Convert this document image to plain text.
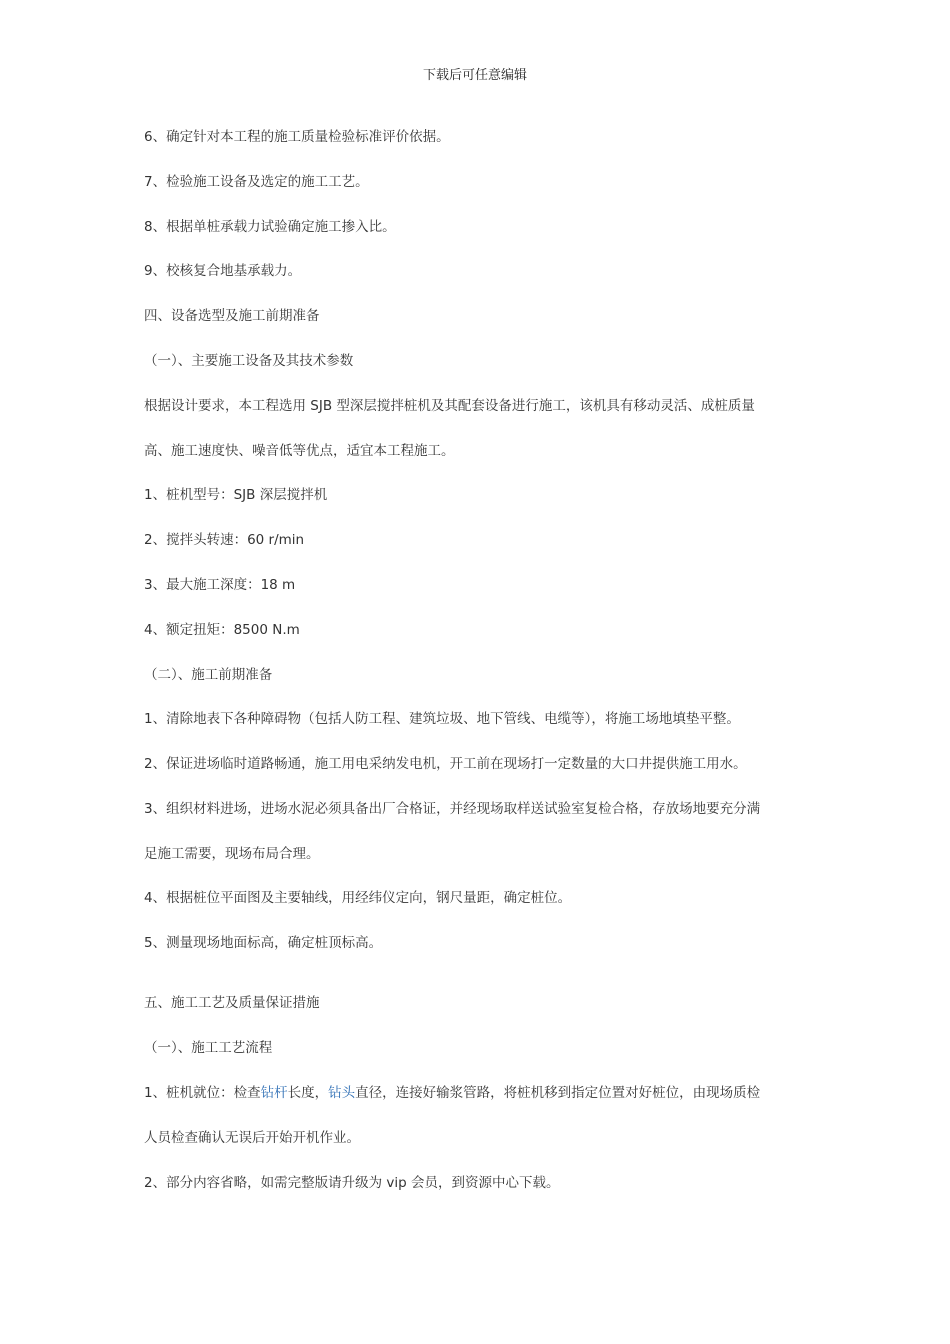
下载后可任意编辑
6、确定针对本工程的施工质量检验标准评价依据。
7、检验施工设备及选定的施工工艺。
8、根据单桩承载力试验确定施工掺入比。
9、校核复合地基承载力。
四、设备选型及施工前期准备
（一）、主要施工设备及其技术参数
根据设计要求，本工程选用 SJB 型深层搅拌桩机及其配套设备进行施工，该机具有移动灵活、成桩质量
高、施工速度快、噪音低等优点，适宜本工程施工。
1、桩机型号：SJB 深层搅拌机
2、搅拌头转速：60 r/min
3、最大施工深度：18 m
4、额定扭矩：8500 N.m
（二）、施工前期准备
1、清除地表下各种障碍物（包括人防工程、建筑垃圾、地下管线、电缆等），将施工场地填垫平整。
2、保证进场临时道路畅通，施工用电采纳发电机，开工前在现场打一定数量的大口井提供施工用水。
3、组织材料进场，进场水泥必须具备出厂合格证，并经现场取样送试验室复检合格，存放场地要充分满
足施工需要，现场布局合理。
4、根据桩位平面图及主要轴线，用经纬仪定向，钢尺量距，确定桩位。
5、测量现场地面标高，确定桩顶标高。
五、施工工艺及质量保证措施
（一）、施工工艺流程
1、桩机就位：检查钻杆长度，钻头直径，连接好输浆管路，将桩机移到指定位置对好桩位，由现场质检
人员检查确认无误后开始开机作业。
2、部分内容省略，如需完整版请升级为 vip 会员，到资源中心下载。
